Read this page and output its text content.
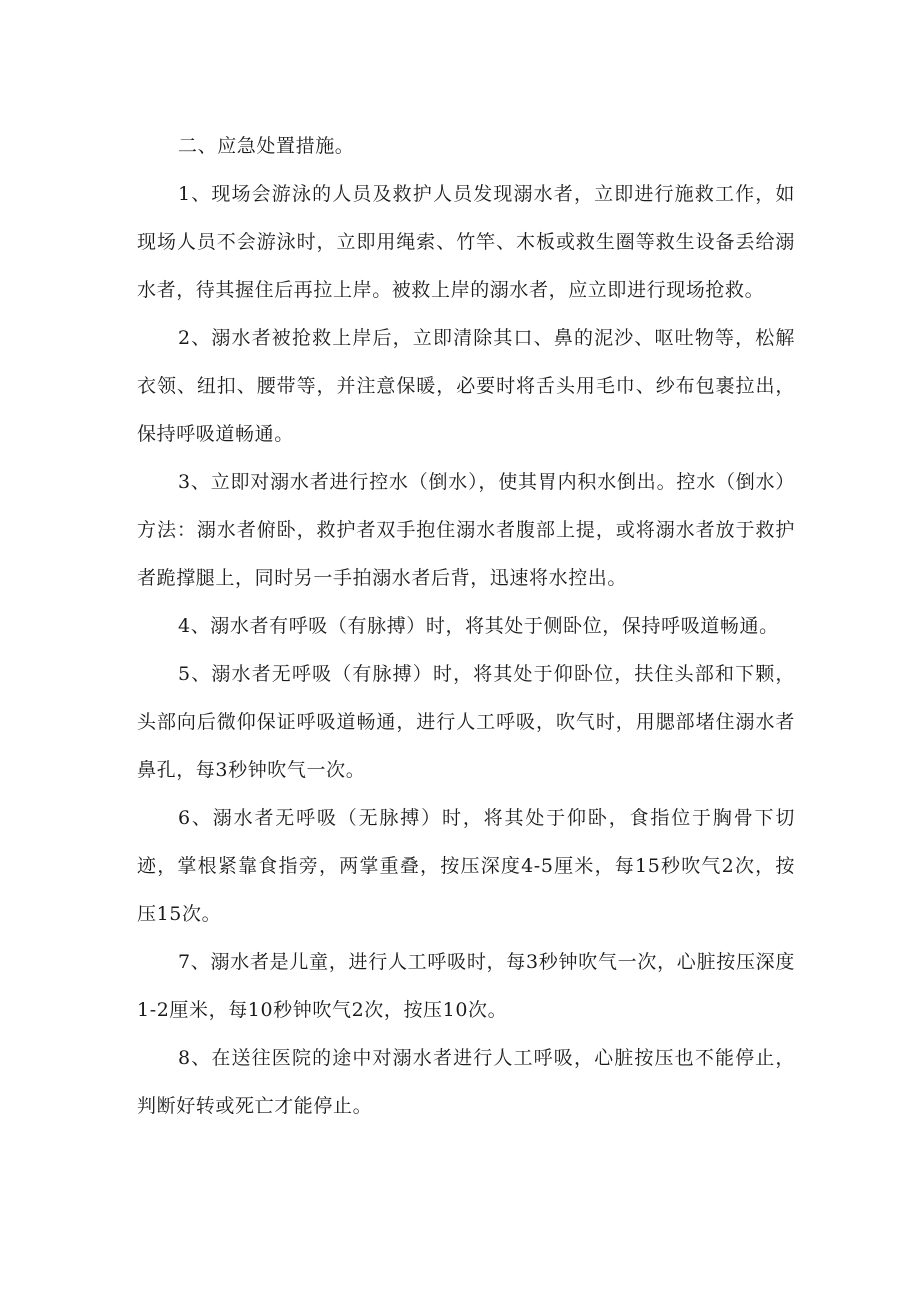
二、应急处置措施。

1、现场会游泳的人员及救护人员发现溺水者，立即进行施救工作，如现场人员不会游泳时，立即用绳索、竹竿、木板或救生圈等救生设备丢给溺水者，待其握住后再拉上岸。被救上岸的溺水者，应立即进行现场抢救。

2、溺水者被抢救上岸后，立即清除其口、鼻的泥沙、呕吐物等，松解衣领、纽扣、腰带等，并注意保暖，必要时将舌头用毛巾、纱布包裹拉出，保持呼吸道畅通。

3、立即对溺水者进行控水（倒水），使其胃内积水倒出。控水（倒水）方法：溺水者俯卧，救护者双手抱住溺水者腹部上提，或将溺水者放于救护者跪撑腿上，同时另一手拍溺水者后背，迅速将水控出。

4、溺水者有呼吸（有脉搏）时，将其处于侧卧位，保持呼吸道畅通。

5、溺水者无呼吸（有脉搏）时，将其处于仰卧位，扶住头部和下颗，头部向后微仰保证呼吸道畅通，进行人工呼吸，吹气时，用腮部堵住溺水者鼻孔，每3秒钟吹气一次。

6、溺水者无呼吸（无脉搏）时，将其处于仰卧，食指位于胸骨下切迹，掌根紧靠食指旁，两掌重叠，按压深度4-5厘米，每15秒吹气2次，按压15次。

7、溺水者是儿童，进行人工呼吸时，每3秒钟吹气一次，心脏按压深度1-2厘米，每10秒钟吹气2次，按压10次。

8、在送往医院的途中对溺水者进行人工呼吸，心脏按压也不能停止，判断好转或死亡才能停止。
